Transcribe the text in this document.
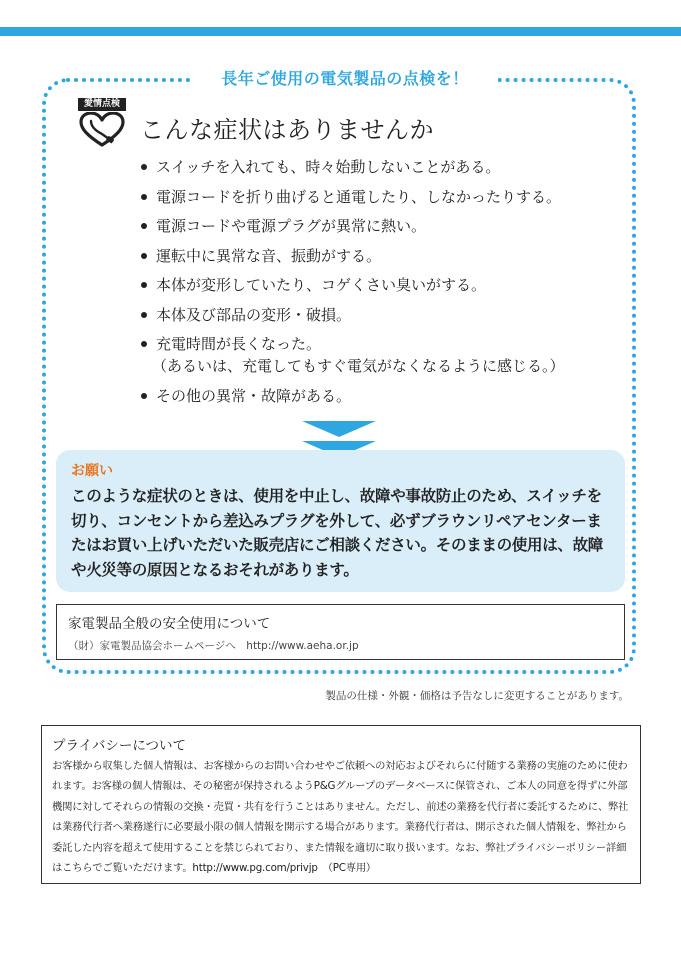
長年ご使用の電気製品の点検を！
愛情点検
こんな症状はありませんか
スイッチを入れても、時々始動しないことがある。
電源コードを折り曲げると通電したり、しなかったりする。
電源コードや電源プラグが異常に熱い。
運転中に異常な音、振動がする。
本体が変形していたり、コゲくさい臭いがする。
本体及び部品の変形・破損。
充電時間が長くなった。
（あるいは、充電してもすぐ電気がなくなるように感じる。）
その他の異常・故障がある。
お願い
このような症状のときは、使用を中止し、故障や事故防止のため、スイッチを切り、コンセントから差込みプラグを外して、必ずブラウンリペアセンターまたはお買い上げいただいた販売店にご相談ください。そのままの使用は、故障や火災等の原因となるおそれがあります。
家電製品全般の安全使用について
（財）家電製品協会ホームページへ　http://www.aeha.or.jp
製品の仕様・外観・価格は予告なしに変更することがあります。
プライバシーについて
お客様から収集した個人情報は、お客様からのお問い合わせやご依頼への対応およびそれらに付随する業務の実施のために使われます。お客様の個人情報は、その秘密が保持されるようP&Gグループのデータベースに保管され、ご本人の同意を得ずに外部機関に対してそれらの情報の交換・売買・共有を行うことはありません。ただし、前述の業務を代行者に委託するために、弊社は業務代行者へ業務遂行に必要最小限の個人情報を開示する場合があります。業務代行者は、開示された個人情報を、弊社から委託した内容を超えて使用することを禁じられており、また情報を適切に取り扱います。なお、弊社プライバシーポリシー詳細はこちらでご覧いただけます。http://www.pg.com/privjp　（PC専用）
